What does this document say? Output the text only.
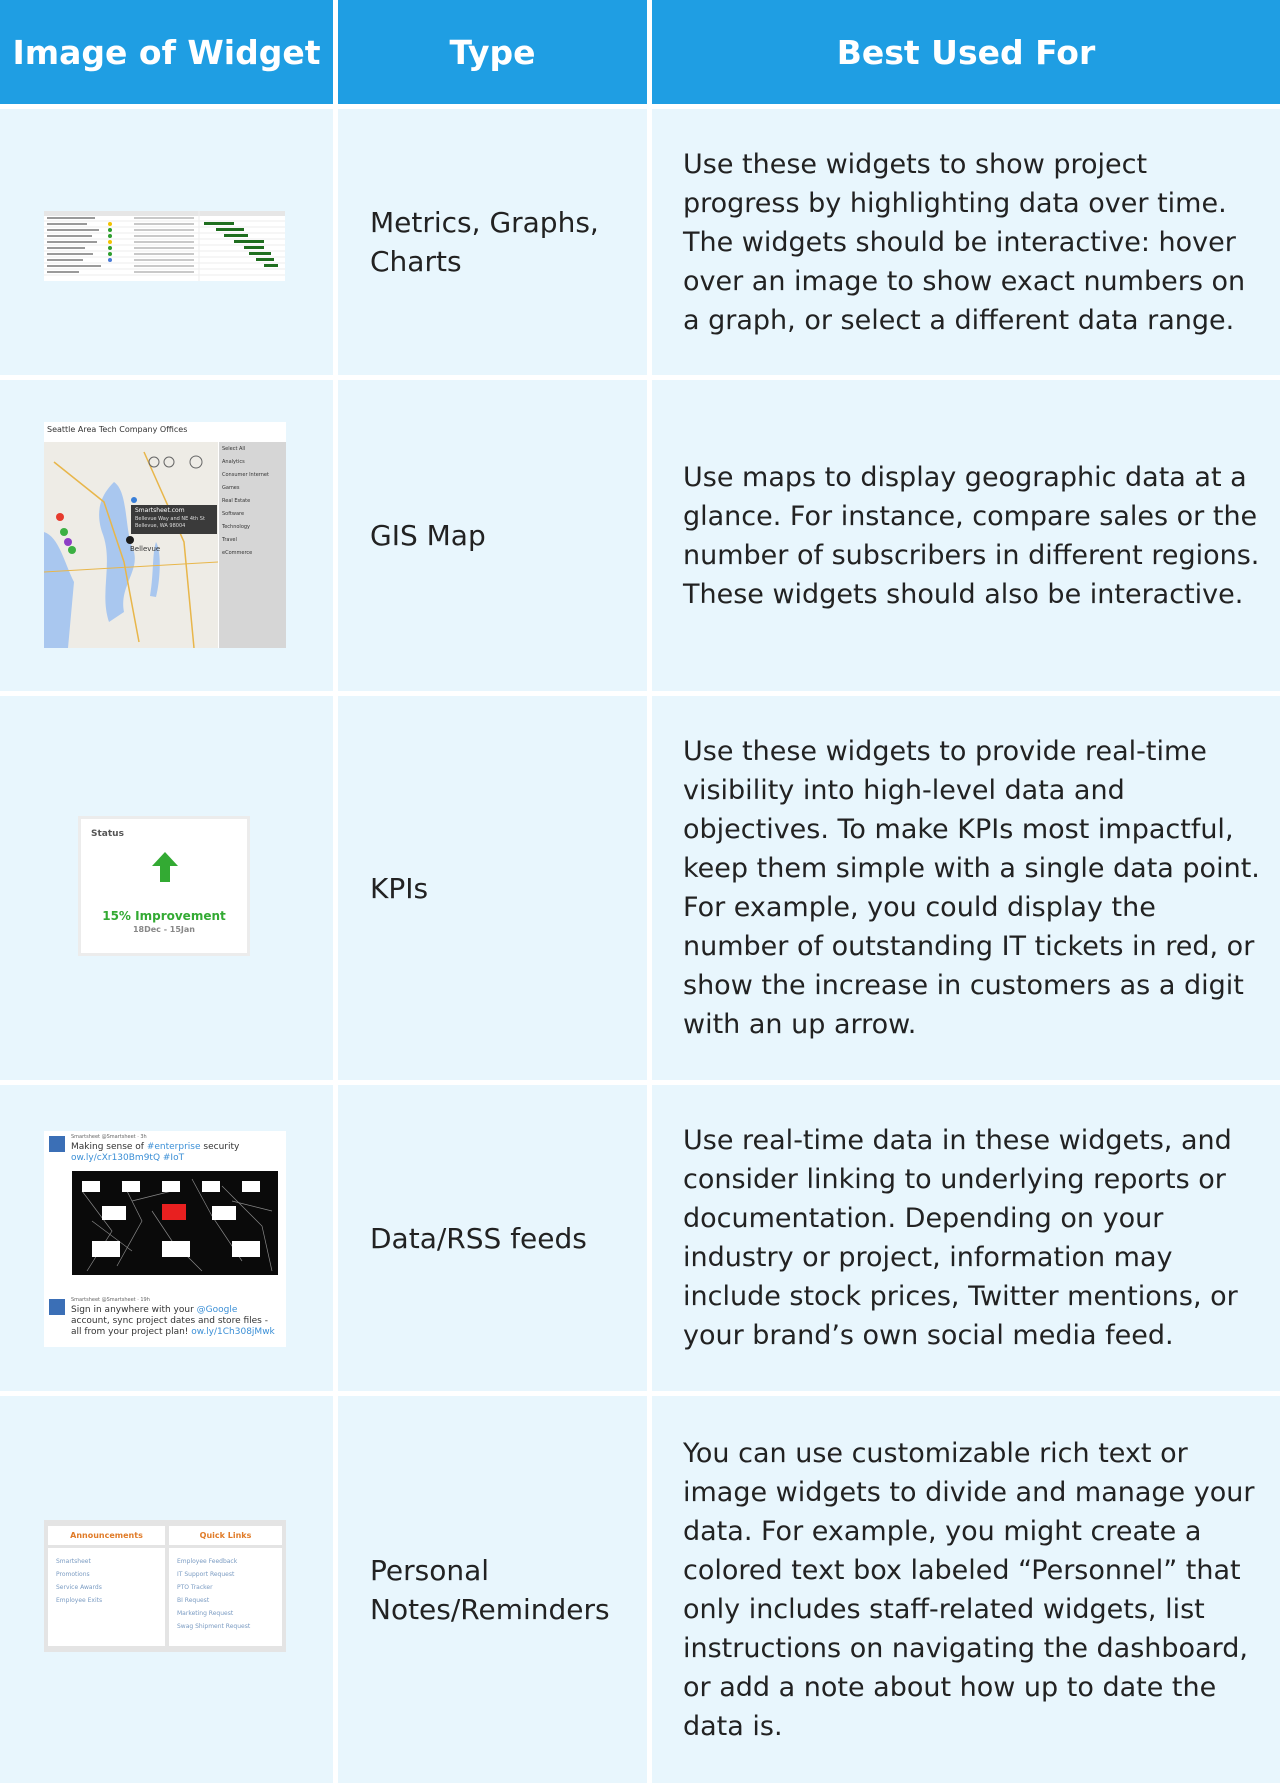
Image of Widget	Type	Best Used For
Metrics, Graphs,
Charts
Use these widgets to show project progress by highlighting data over time. The widgets should be interactive: hover over an image to show exact numbers on a graph, or select a different data range.
Seattle Area Tech Company Offices
Smartsheet.com
Bellevue Way and NE 4th St
Bellevue, WA 98004
Bellevue
Select All
Analytics
Consumer Internet
Games
Real Estate
Software
Technology
Travel
eCommerce
GIS Map
Use maps to display geographic data at a glance. For instance, compare sales or the number of subscribers in different regions. These widgets should also be interactive.
Status
15% Improvement
18Dec - 15Jan
KPIs
Use these widgets to provide real-time visibility into high-level data and objectives. To make KPIs most impactful, keep them simple with a single data point. For example, you could display the number of outstanding IT tickets in red, or show the increase in customers as a digit with an up arrow.
Smartsheet @Smartsheet · 3h
Making sense of #enterprise security
ow.ly/cXr130Bm9tQ #IoT
Smartsheet @Smartsheet · 19h
Sign in anywhere with your @Google
account, sync project dates and store files -
all from your project plan! ow.ly/1Ch308jMwk
Data/RSS feeds
Use real-time data in these widgets, and consider linking to underlying reports or documentation. Depending on your industry or project, information may include stock prices, Twitter mentions, or your brand’s own social media feed.
Announcements
Smartsheet
Promotions
Service Awards
Employee Exits
Quick Links
Employee Feedback
IT Support Request
PTO Tracker
BI Request
Marketing Request
Swag Shipment Request
Personal
Notes/Reminders
You can use customizable rich text or image widgets to divide and manage your data. For example, you might create a colored text box labeled “Personnel” that only includes staff-related widgets, list instructions on navigating the dashboard, or add a note about how up to date the data is.
